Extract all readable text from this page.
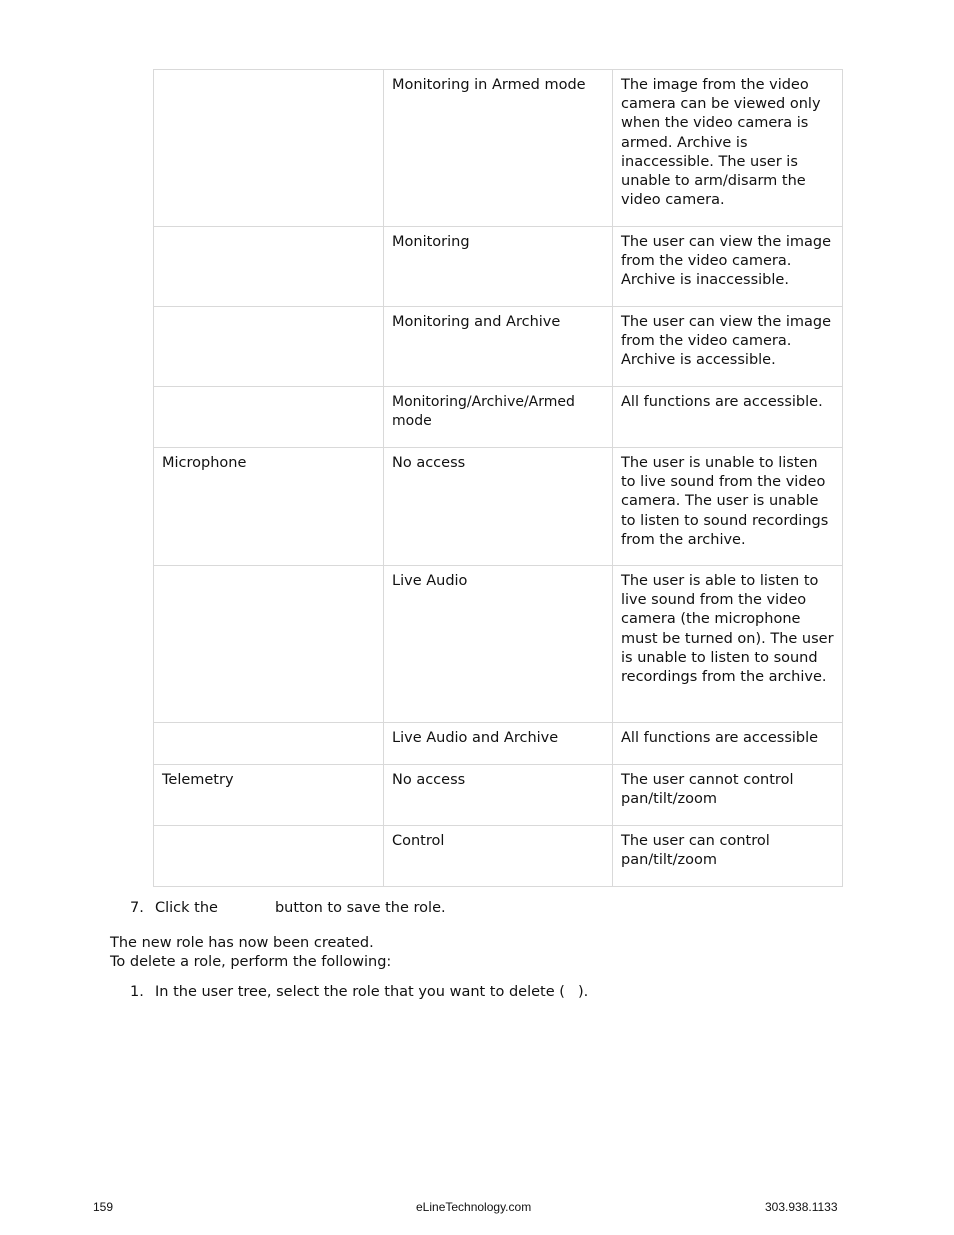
	Monitoring in Armed mode	The image from the video camera can be viewed only when the video camera is armed. Archive is inaccessible. The user is unable to arm/disarm the video camera.
	Monitoring	The user can view the image from the video camera. Archive is inaccessible.
	Monitoring and Archive	The user can view the image from the video camera. Archive is accessible.
	Monitoring/Archive/Armed mode	All functions are accessible.
Microphone	No access	The user is unable to listen to live sound from the video camera. The user is unable to listen to sound recordings from the archive.
	Live Audio	The user is able to listen to live sound from the video camera (the microphone must be turned on). The user is unable to listen to sound recordings from the archive.
	Live Audio and Archive	All functions are accessible
Telemetry	No access	The user cannot control pan/tilt/zoom
	Control	The user can control pan/tilt/zoom
7. Click the	button to save the role.
The new role has now been created.
To delete a role, perform the following:
1. In the user tree, select the role that you want to delete ( ).
159	eLineTechnology.com	303.938.1133
